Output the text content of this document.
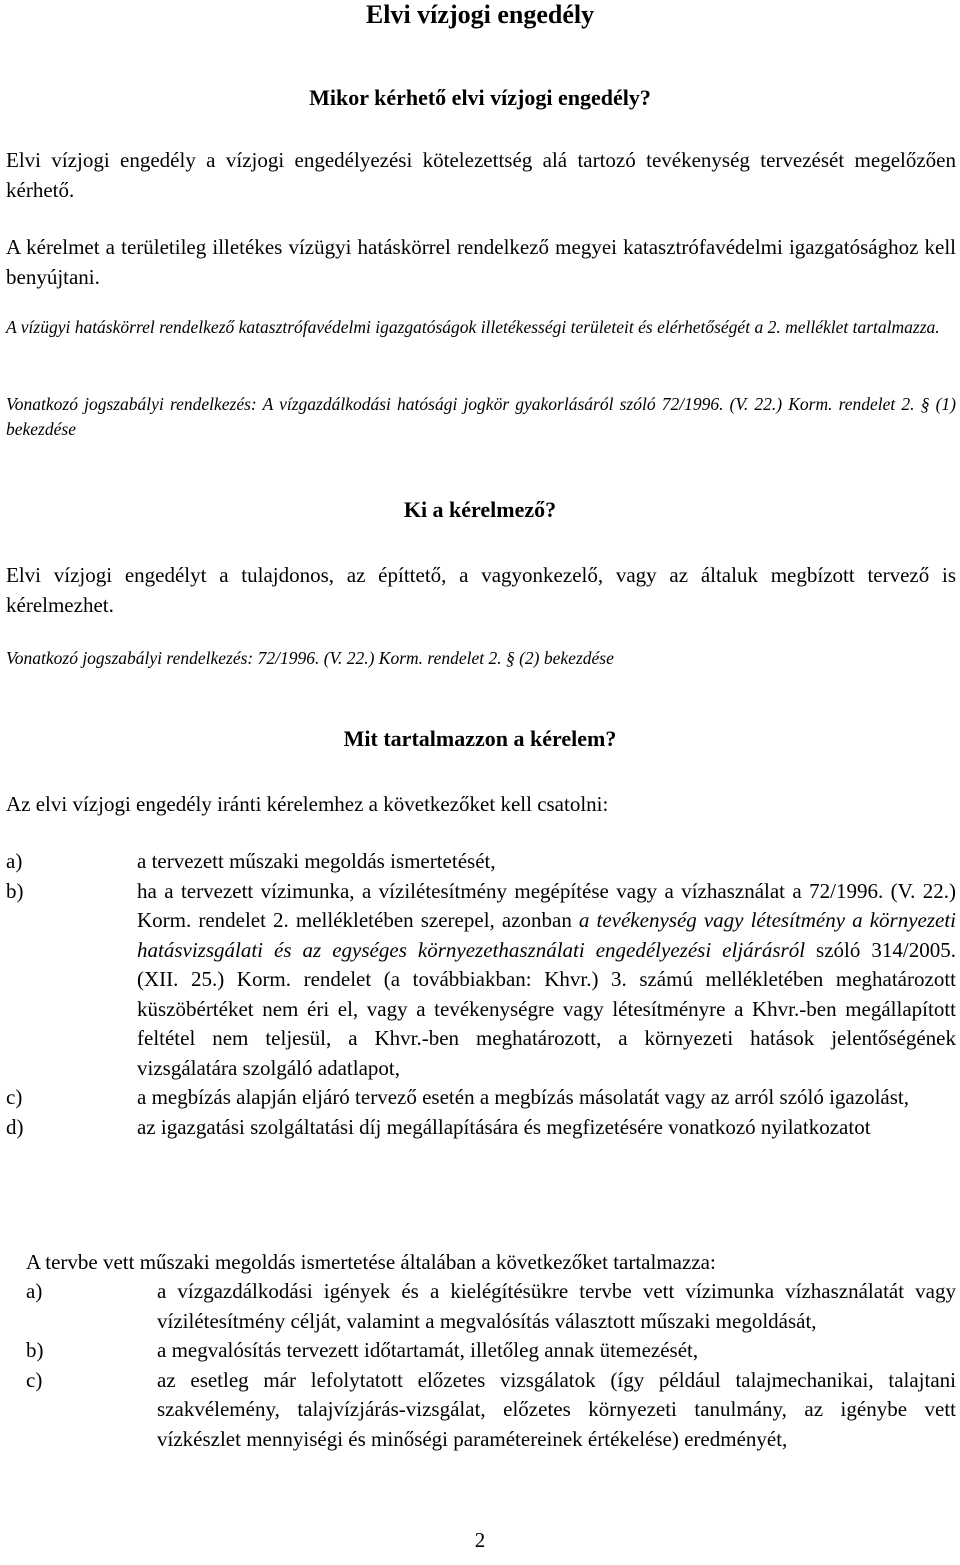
Elvi vízjogi engedély
Mikor kérhető elvi vízjogi engedély?

Elvi vízjogi engedély a vízjogi engedélyezési kötelezettség alá tartozó tevékenység tervezését megelőzően kérhető.

A kérelmet a területileg illetékes vízügyi hatáskörrel rendelkező megyei katasztrófavédelmi igazgatósághoz kell benyújtani.

A vízügyi hatáskörrel rendelkező katasztrófavédelmi igazgatóságok illetékességi területeit és elérhetőségét a 2. melléklet tartalmazza.

Vonatkozó jogszabályi rendelkezés: A vízgazdálkodási hatósági jogkör gyakorlásáról szóló 72/1996. (V. 22.) Korm. rendelet 2. § (1) bekezdése

Ki a kérelmező?

Elvi vízjogi engedélyt a tulajdonos, az építtető, a vagyonkezelő, vagy az általuk megbízott tervező is kérelmezhet.

Vonatkozó jogszabályi rendelkezés: 72/1996. (V. 22.) Korm. rendelet 2. § (2) bekezdése

Mit tartalmazzon a kérelem?

Az elvi vízjogi engedély iránti kérelemhez a következőket kell csatolni:

a)	a tervezett műszaki megoldás ismertetését,
b)	ha a tervezett vízimunka, a vízilétesítmény megépítése vagy a vízhasználat a 72/1996. (V. 22.) Korm. rendelet 2. mellékletében szerepel, azonban a tevékenység vagy létesítmény a környezeti hatásvizsgálati és az egységes környezethasználati engedélyezési eljárásról szóló 314/2005. (XII. 25.) Korm. rendelet (a továbbiakban: Khvr.) 3. számú mellékletében meghatározott küszöbértéket nem éri el, vagy a tevékenységre vagy létesítményre a Khvr.-ben megállapított feltétel nem teljesül, a Khvr.-ben meghatározott, a környezeti hatások jelentőségének vizsgálatára szolgáló adatlapot,
c)	a megbízás alapján eljáró tervező esetén a megbízás másolatát vagy az arról szóló igazolást,
d)	az igazgatási szolgáltatási díj megállapítására és megfizetésére vonatkozó nyilatkozatot

A tervbe vett műszaki megoldás ismertetése általában a következőket tartalmazza:

a)	a vízgazdálkodási igények és a kielégítésükre tervbe vett vízimunka vízhasználatát vagy vízilétesítmény célját, valamint a megvalósítás választott műszaki megoldását,
b)	a megvalósítás tervezett időtartamát, illetőleg annak ütemezését,
c)	az esetleg már lefolytatott előzetes vizsgálatok (így például talajmechanikai, talajtani szakvélemény, talajvízjárás-vizsgálat, előzetes környezeti tanulmány, az igénybe vett vízkészlet mennyiségi és minőségi paramétereinek értékelése) eredményét,
2
